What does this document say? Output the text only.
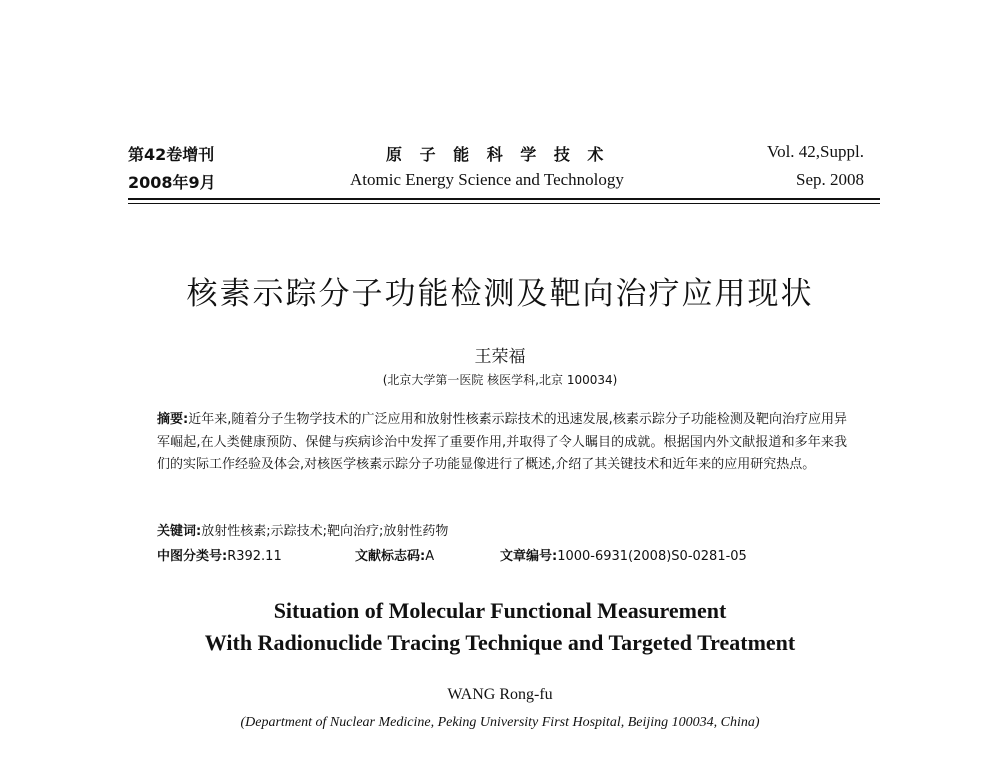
第42卷增刊
2008年9月
原 子 能 科 学 技 术
Atomic Energy Science and Technology
Vol. 42,Suppl.
Sep. 2008
核素示踪分子功能检测及靶向治疗应用现状
王荣福
(北京大学第一医院 核医学科,北京 100034)
摘要:近年来,随着分子生物学技术的广泛应用和放射性核素示踪技术的迅速发展,核素示踪分子功能检测及靶向治疗应用异军崛起,在人类健康预防、保健与疾病诊治中发挥了重要作用,并取得了令人瞩目的成就。根据国内外文献报道和多年来我们的实际工作经验及体会,对核医学核素示踪分子功能显像进行了概述,介绍了其关键技术和近年来的应用研究热点。
关键词:放射性核素;示踪技术;靶向治疗;放射性药物
中图分类号:R392.11	文献标志码:A	文章编号:1000-6931(2008)S0-0281-05
Situation of Molecular Functional Measurement
With Radionuclide Tracing Technique and Targeted Treatment
WANG Rong-fu
(Department of Nuclear Medicine, Peking University First Hospital, Beijing 100034, China)
